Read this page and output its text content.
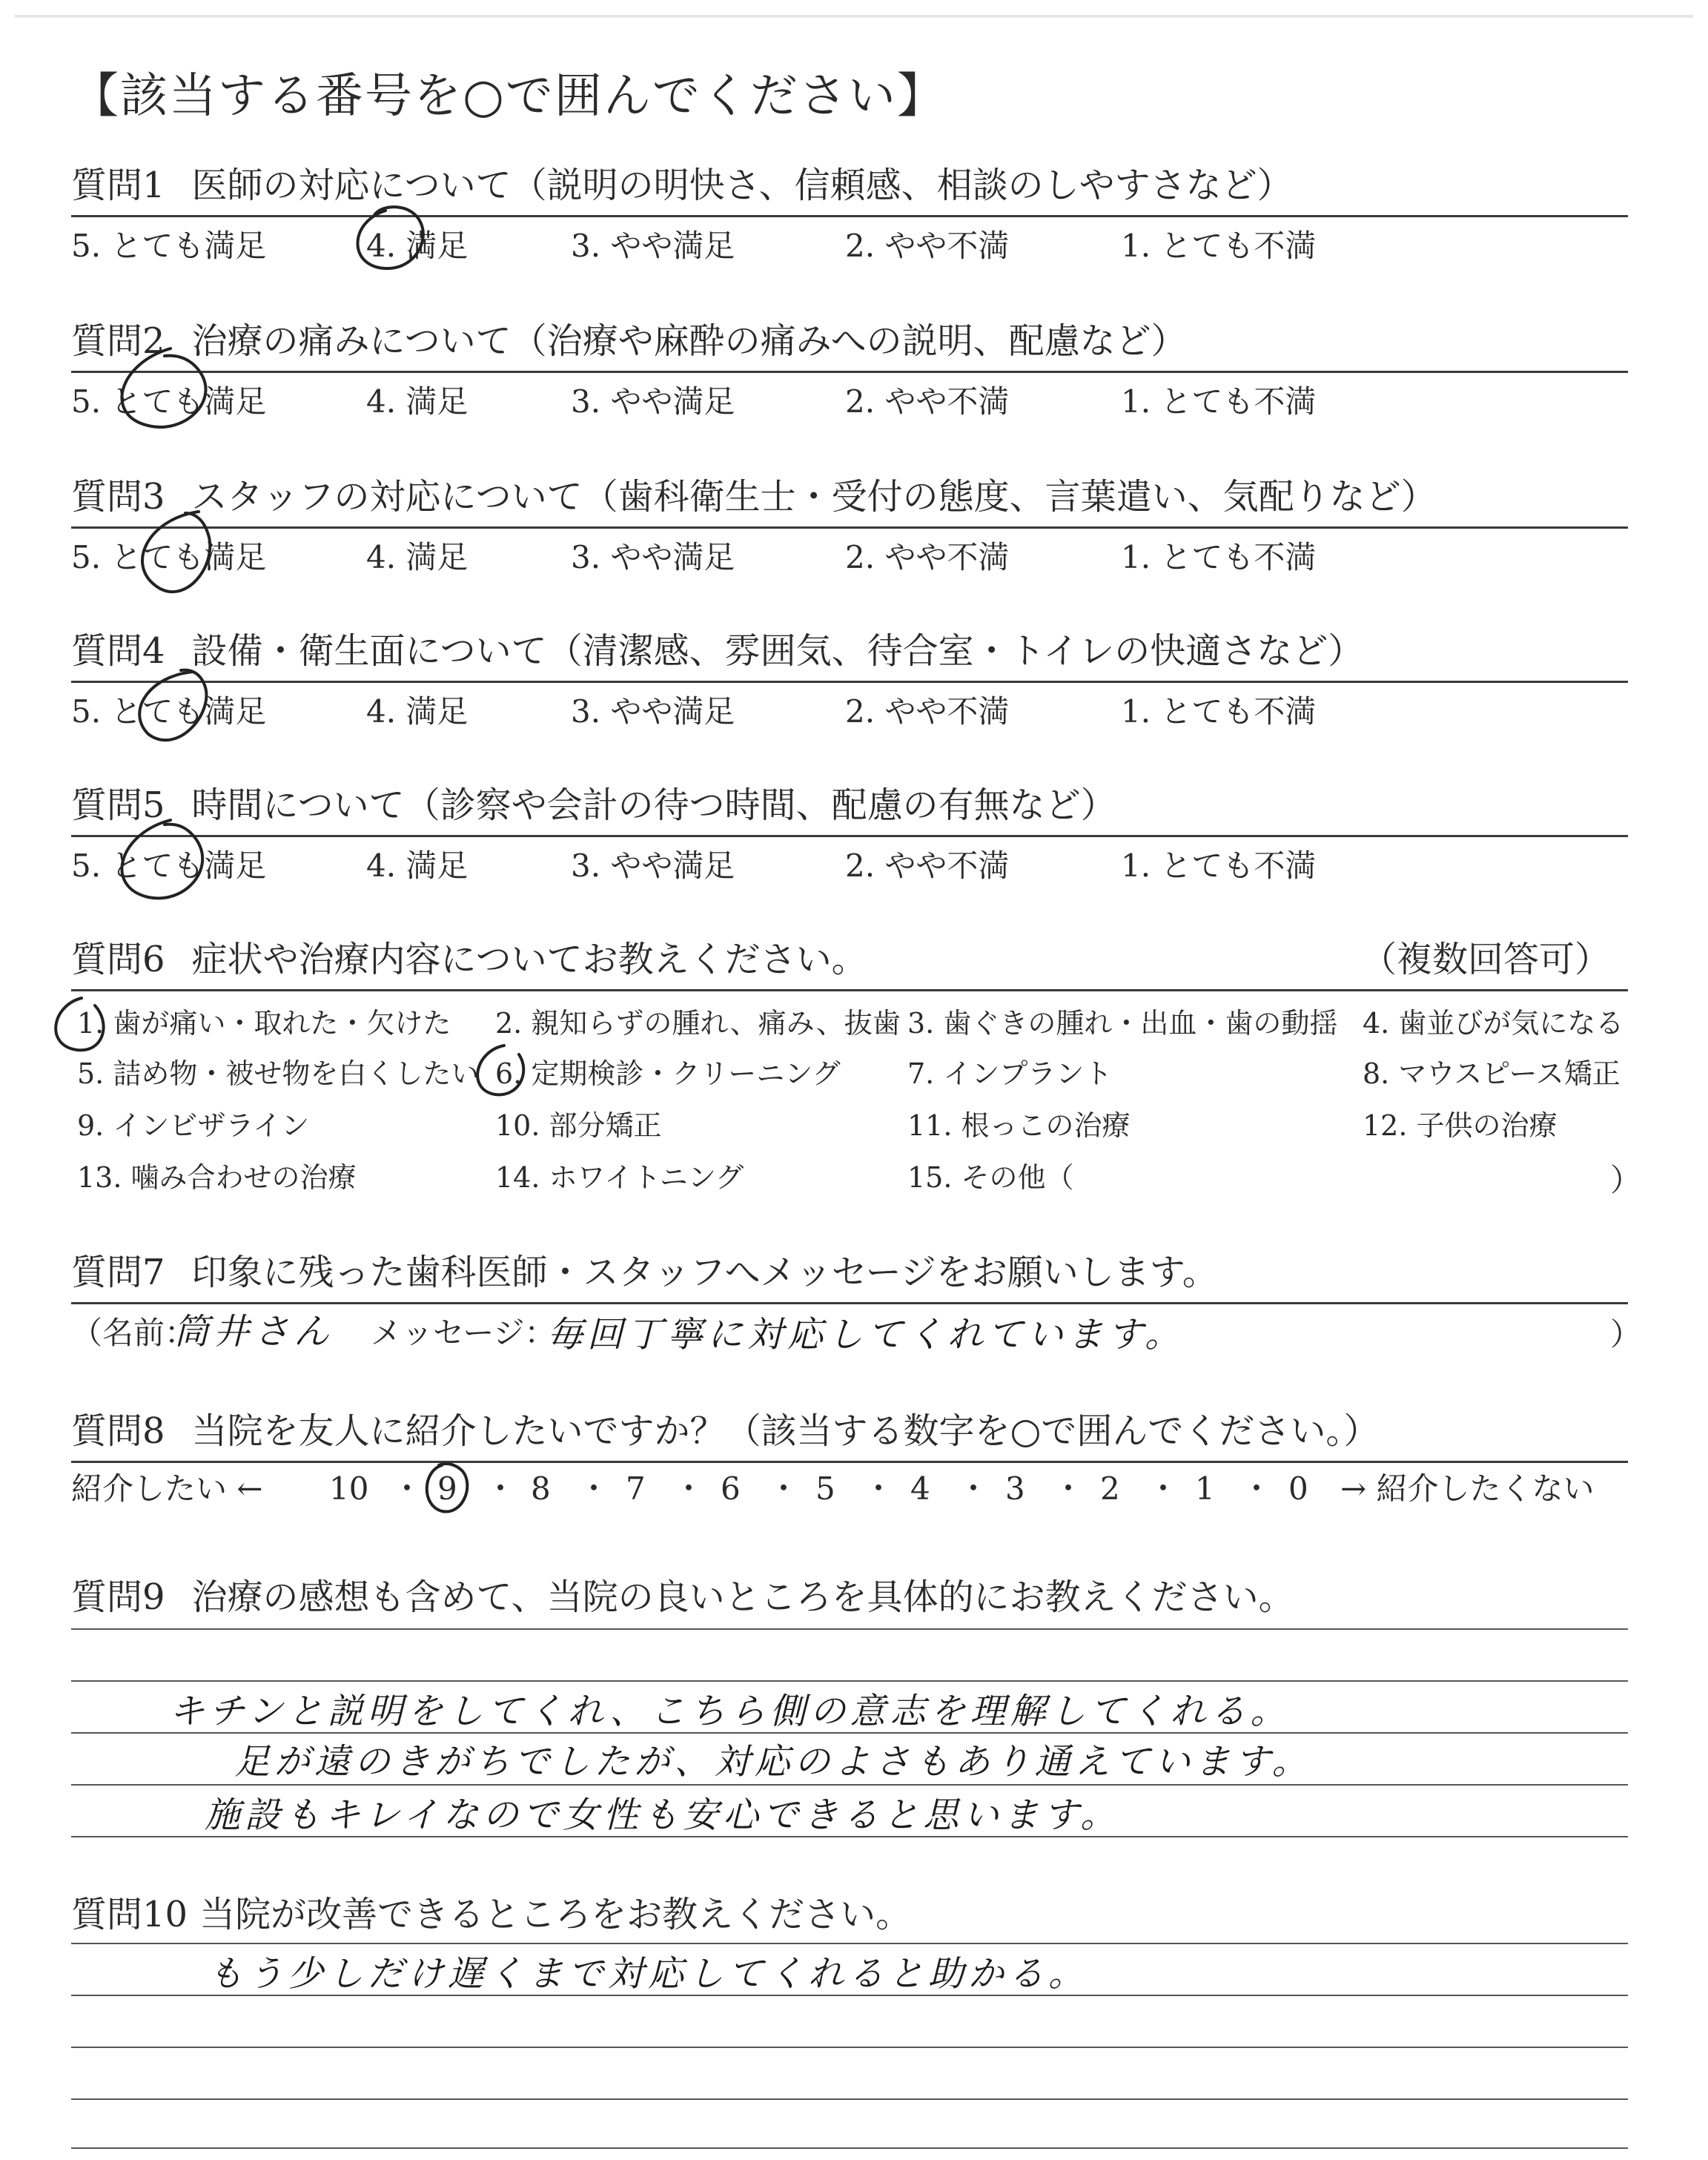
【該当する番号を○で囲んでください】
質問1 医師の対応について（説明の明快さ、信頼感、相談のしやすさなど）
5. とても満足	4. 満足	3. やや満足	2. やや不満	1. とても不満
質問2 治療の痛みについて（治療や麻酔の痛みへの説明、配慮など）
5. とても満足	4. 満足	3. やや満足	2. やや不満	1. とても不満
質問3 スタッフの対応について（歯科衛生士・受付の態度、言葉遣い、気配りなど）
5. とても満足	4. 満足	3. やや満足	2. やや不満	1. とても不満
質問4 設備・衛生面について（清潔感、雰囲気、待合室・トイレの快適さなど）
5. とても満足	4. 満足	3. やや満足	2. やや不満	1. とても不満
質問5 時間について（診察や会計の待つ時間、配慮の有無など）
5. とても満足	4. 満足	3. やや満足	2. やや不満	1. とても不満
質問6 症状や治療内容についてお教えください。	（複数回答可）
1. 歯が痛い・取れた・欠けた 2. 親知らずの腫れ、痛み、抜歯 3. 歯ぐきの腫れ・出血・歯の動揺 4. 歯並びが気になる
5. 詰め物・被せ物を白くしたい 6. 定期検診・クリーニング 7. インプラント	8. マウスピース矯正
9. インビザライン	10. 部分矯正	11. 根っこの治療	12. 子供の治療
13. 噛み合わせの治療	14. ホワイトニング	15. その他（	）
質問7 印象に残った歯科医師・スタッフへメッセージをお願いします。
（名前：
筒井さん メッセージ：
毎回丁寧に対応してくれています。	）
質問8 当院を友人に紹介したいですか？（該当する数字を○で囲んでください。）
紹介したい ←	→ 紹介したくない
10 9 8 7 6 5 4 3 2 1 0
・ ・ ・ ・ ・ ・ ・ ・ ・ ・
質問9 治療の感想も含めて、当院の良いところを具体的にお教えください。
キチンと説明をしてくれ、こちら側の意志を理解してくれる。
足が遠のきがちでしたが、対応のよさもあり通えています。
施設もキレイなので女性も安心できると思います。
質問10 当院が改善できるところをお教えください。
もう少しだけ遅くまで対応してくれると助かる。
